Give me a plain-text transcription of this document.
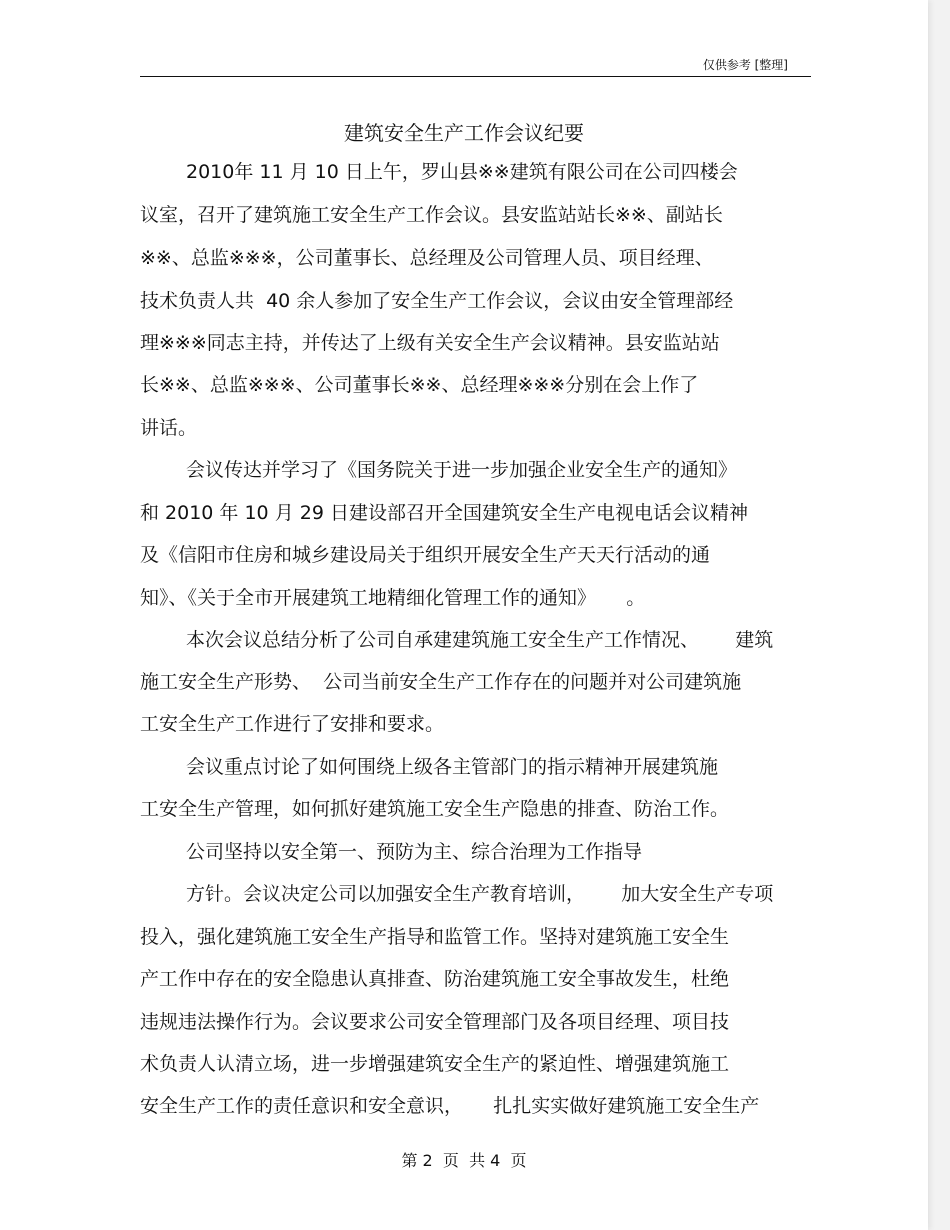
仅供参考 [整理]
建筑安全生产工作会议纪要
2010年 11 月 10 日上午，罗山县※※建筑有限公司在公司四楼会
议室，召开了建筑施工安全生产工作会议。县安监站站长※※、副站长
※※、总监※※※，公司董事长、总经理及公司管理人员、项目经理、
技术负责人共  40 余人参加了安全生产工作会议，会议由安全管理部经
理※※※同志主持，并传达了上级有关安全生产会议精神。县安监站站
长※※、总监※※※、公司董事长※※、总经理※※※分别在会上作了
讲话。
会议传达并学习了《国务院关于进一步加强企业安全生产的通知》
和 2010 年 10 月 29 日建设部召开全国建筑安全生产电视电话会议精神
及《信阳市住房和城乡建设局关于组织开展安全生产天天行活动的通
知》、《关于全市开展建筑工地精细化管理工作的通知》     。
本次会议总结分析了公司自承建建筑施工安全生产工作情况、      建筑
施工安全生产形势、  公司当前安全生产工作存在的问题并对公司建筑施
工安全生产工作进行了安排和要求。
会议重点讨论了如何围绕上级各主管部门的指示精神开展建筑施
工安全生产管理，如何抓好建筑施工安全生产隐患的排查、防治工作。
公司坚持以安全第一、预防为主、综合治理为工作指导
方针。会议决定公司以加强安全生产教育培训，      加大安全生产专项
投入，强化建筑施工安全生产指导和监管工作。坚持对建筑施工安全生
产工作中存在的安全隐患认真排查、防治建筑施工安全事故发生，杜绝
违规违法操作行为。会议要求公司安全管理部门及各项目经理、项目技
术负责人认清立场，进一步增强建筑安全生产的紧迫性、增强建筑施工
安全生产工作的责任意识和安全意识，     扎扎实实做好建筑施工安全生产
第 2  页  共 4  页
